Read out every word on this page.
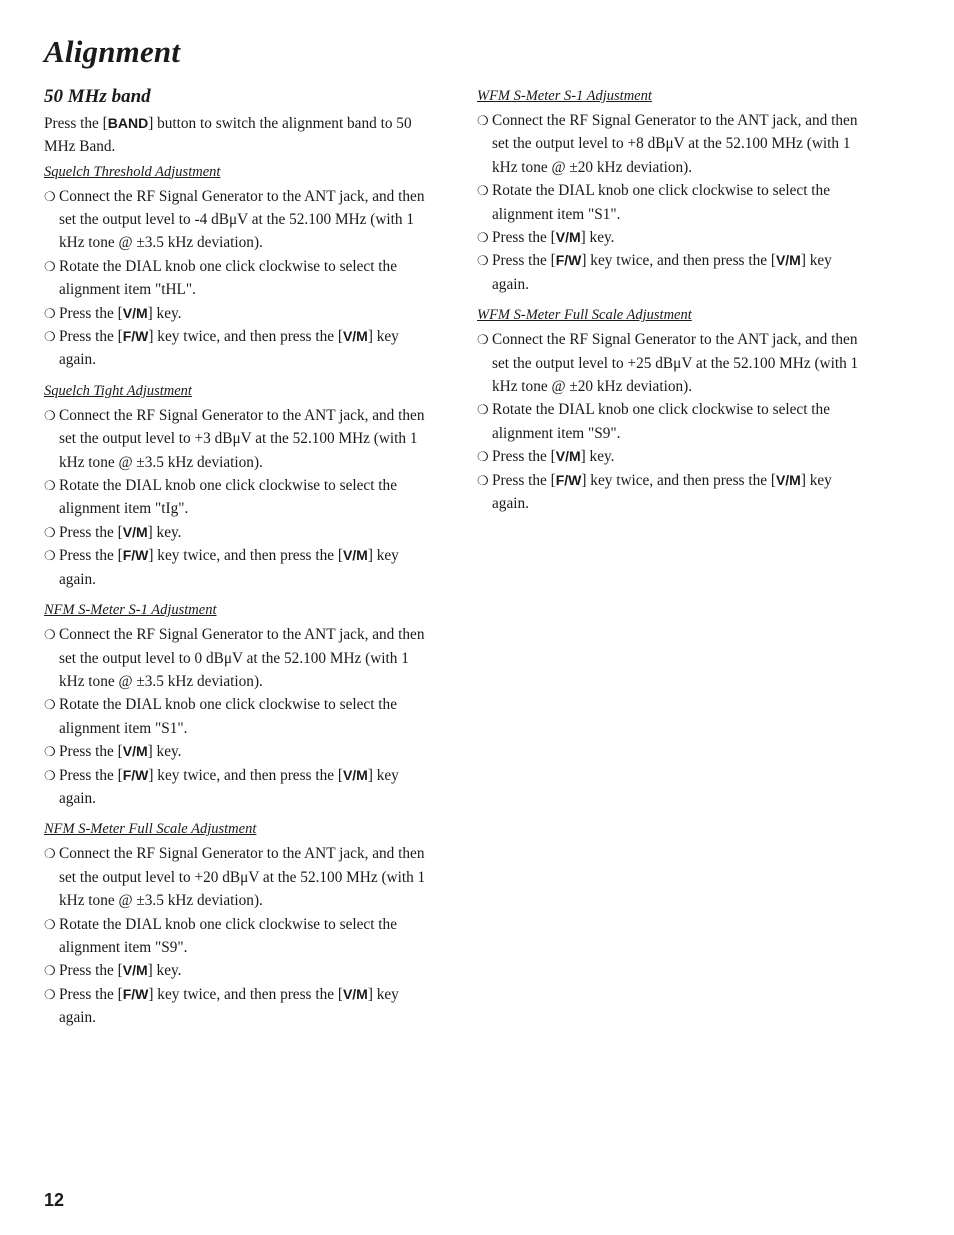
Alignment
50 MHz band

Press the [BAND] button to switch the alignment band to 50 MHz Band.

Squelch Threshold Adjustment
❍ Connect the RF Signal Generator to the ANT jack, and then set the output level to -4 dBμV at the 52.100 MHz (with 1 kHz tone @ ±3.5 kHz deviation).
❍ Rotate the DIAL knob one click clockwise to select the alignment item "tHL".
❍ Press the [V/M] key.
❍ Press the [F/W] key twice, and then press the [V/M] key again.
Squelch Tight Adjustment
❍ Connect the RF Signal Generator to the ANT jack, and then set the output level to +3 dBμV at the 52.100 MHz (with 1 kHz tone @ ±3.5 kHz deviation).
❍ Rotate the DIAL knob one click clockwise to select the alignment item "tIg".
❍ Press the [V/M] key.
❍ Press the [F/W] key twice, and then press the [V/M] key again.
NFM S-Meter S-1 Adjustment
❍ Connect the RF Signal Generator to the ANT jack, and then set the output level to 0 dBμV at the 52.100 MHz (with 1 kHz tone @ ±3.5 kHz deviation).
❍ Rotate the DIAL knob one click clockwise to select the alignment item "S1".
❍ Press the [V/M] key.
❍ Press the [F/W] key twice, and then press the [V/M] key again.
NFM S-Meter Full Scale Adjustment
❍ Connect the RF Signal Generator to the ANT jack, and then set the output level to +20 dBμV at the 52.100 MHz (with 1 kHz tone @ ±3.5 kHz deviation).
❍ Rotate the DIAL knob one click clockwise to select the alignment item "S9".
❍ Press the [V/M] key.
❍ Press the [F/W] key twice, and then press the [V/M] key again.
WFM S-Meter S-1 Adjustment
❍ Connect the RF Signal Generator to the ANT jack, and then set the output level to +8 dBμV at the 52.100 MHz (with 1 kHz tone @ ±20 kHz deviation).
❍ Rotate the DIAL knob one click clockwise to select the alignment item "S1".
❍ Press the [V/M] key.
❍ Press the [F/W] key twice, and then press the [V/M] key again.
WFM S-Meter Full Scale Adjustment
❍ Connect the RF Signal Generator to the ANT jack, and then set the output level to +25 dBμV at the 52.100 MHz (with 1 kHz tone @ ±20 kHz deviation).
❍ Rotate the DIAL knob one click clockwise to select the alignment item "S9".
❍ Press the [V/M] key.
❍ Press the [F/W] key twice, and then press the [V/M] key again.
12
